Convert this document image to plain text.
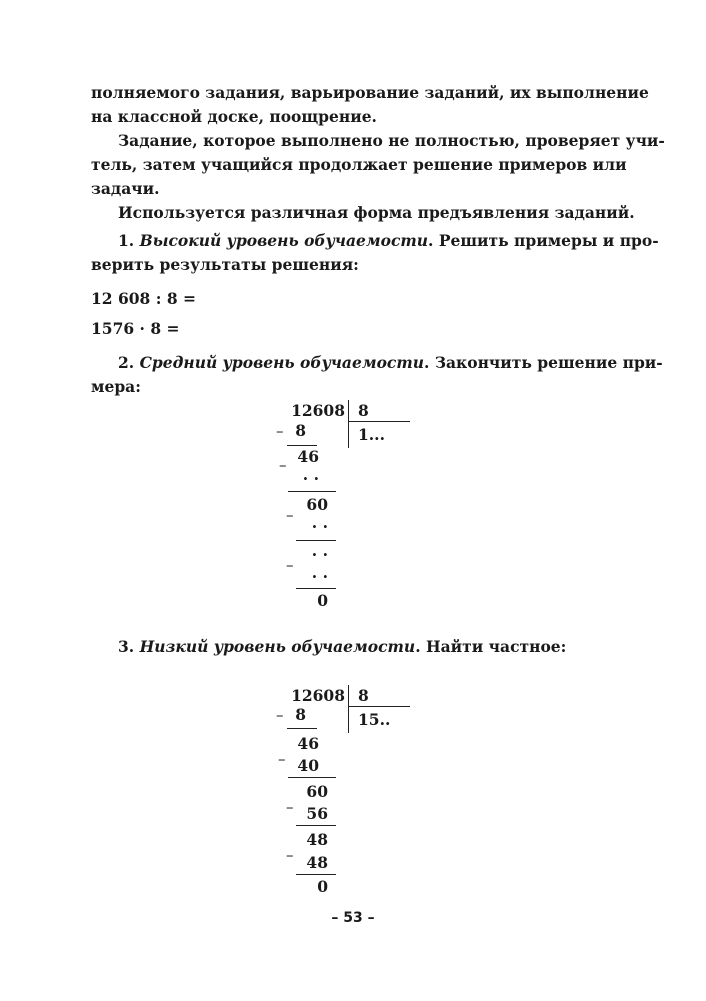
полняемого задания, варьирование заданий, их выполнение
на классной доске, поощрение.
Задание, которое выполнено не полностью, проверяет учи-
тель, затем учащийся продолжает решение примеров или
задачи.
Используется различная форма предъявления заданий.
1. Высокий уровень обучаемости. Решить примеры и про-
верить результаты решения:
12 608 : 8 =
1576 · 8 =
2. Средний уровень обучаемости. Закончить решение при-
мера:
12608 8
1...
– 8
46
–
· ·
60
–
· ·
· ·
–
· ·
0
3. Низкий уровень обучаемости. Найти частное:
12608 8
15..
– 8
46
– 40
60
– 56
48
– 48
0
– 53 –
